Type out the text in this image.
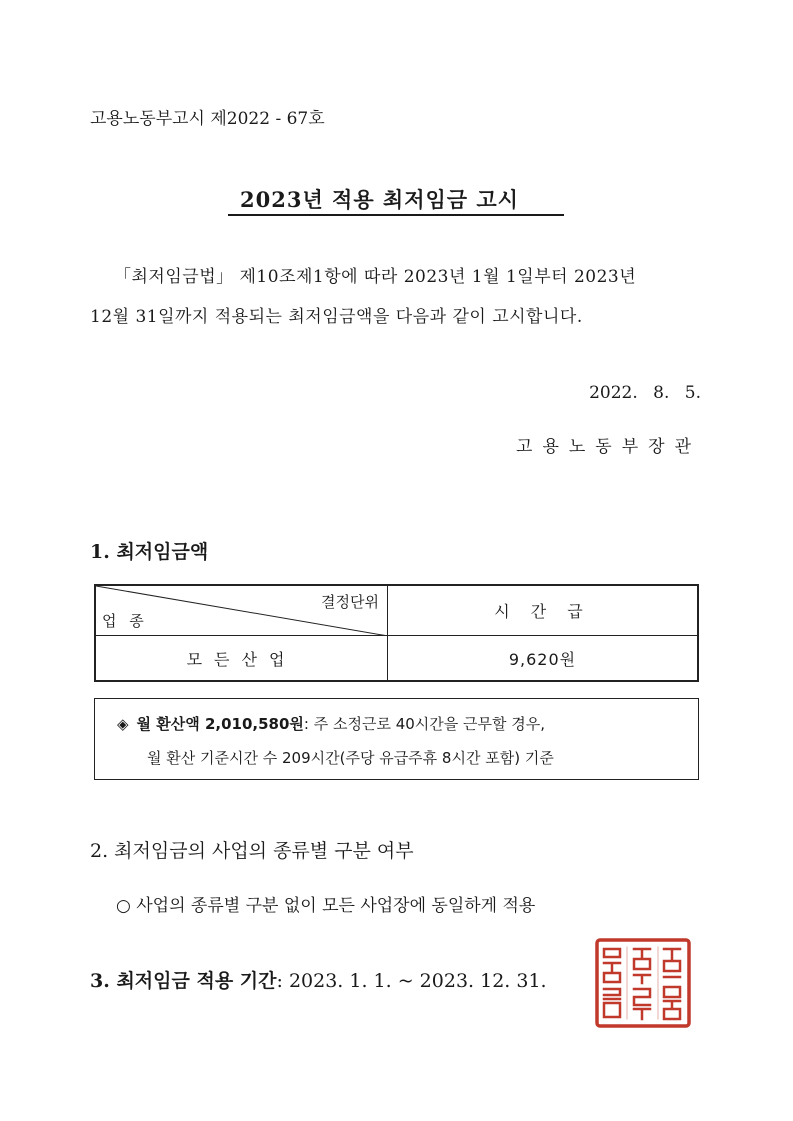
고용노동부고시 제2022 - 67호
2023년 적용 최저임금 고시
「최저임금법」 제10조제1항에 따라 2023년 1월 1일부터 2023년
12월 31일까지 적용되는 최저임금액을 다음과 같이 고시합니다.
2022. 8. 5.
고용노동부장관
1. 최저임금액
결정단위
업 종	시 간 급
모든산업	9,620원
◈ 월 환산액 2,010,580원: 주 소정근로 40시간을 근무할 경우,
월 환산 기준시간 수 209시간(주당 유급주휴 8시간 포함) 기준
2. 최저임금의 사업의 종류별 구분 여부
○ 사업의 종류별 구분 없이 모든 사업장에 동일하게 적용
3. 최저임금 적용 기간: 2023. 1. 1. ~ 2023. 12. 31.
